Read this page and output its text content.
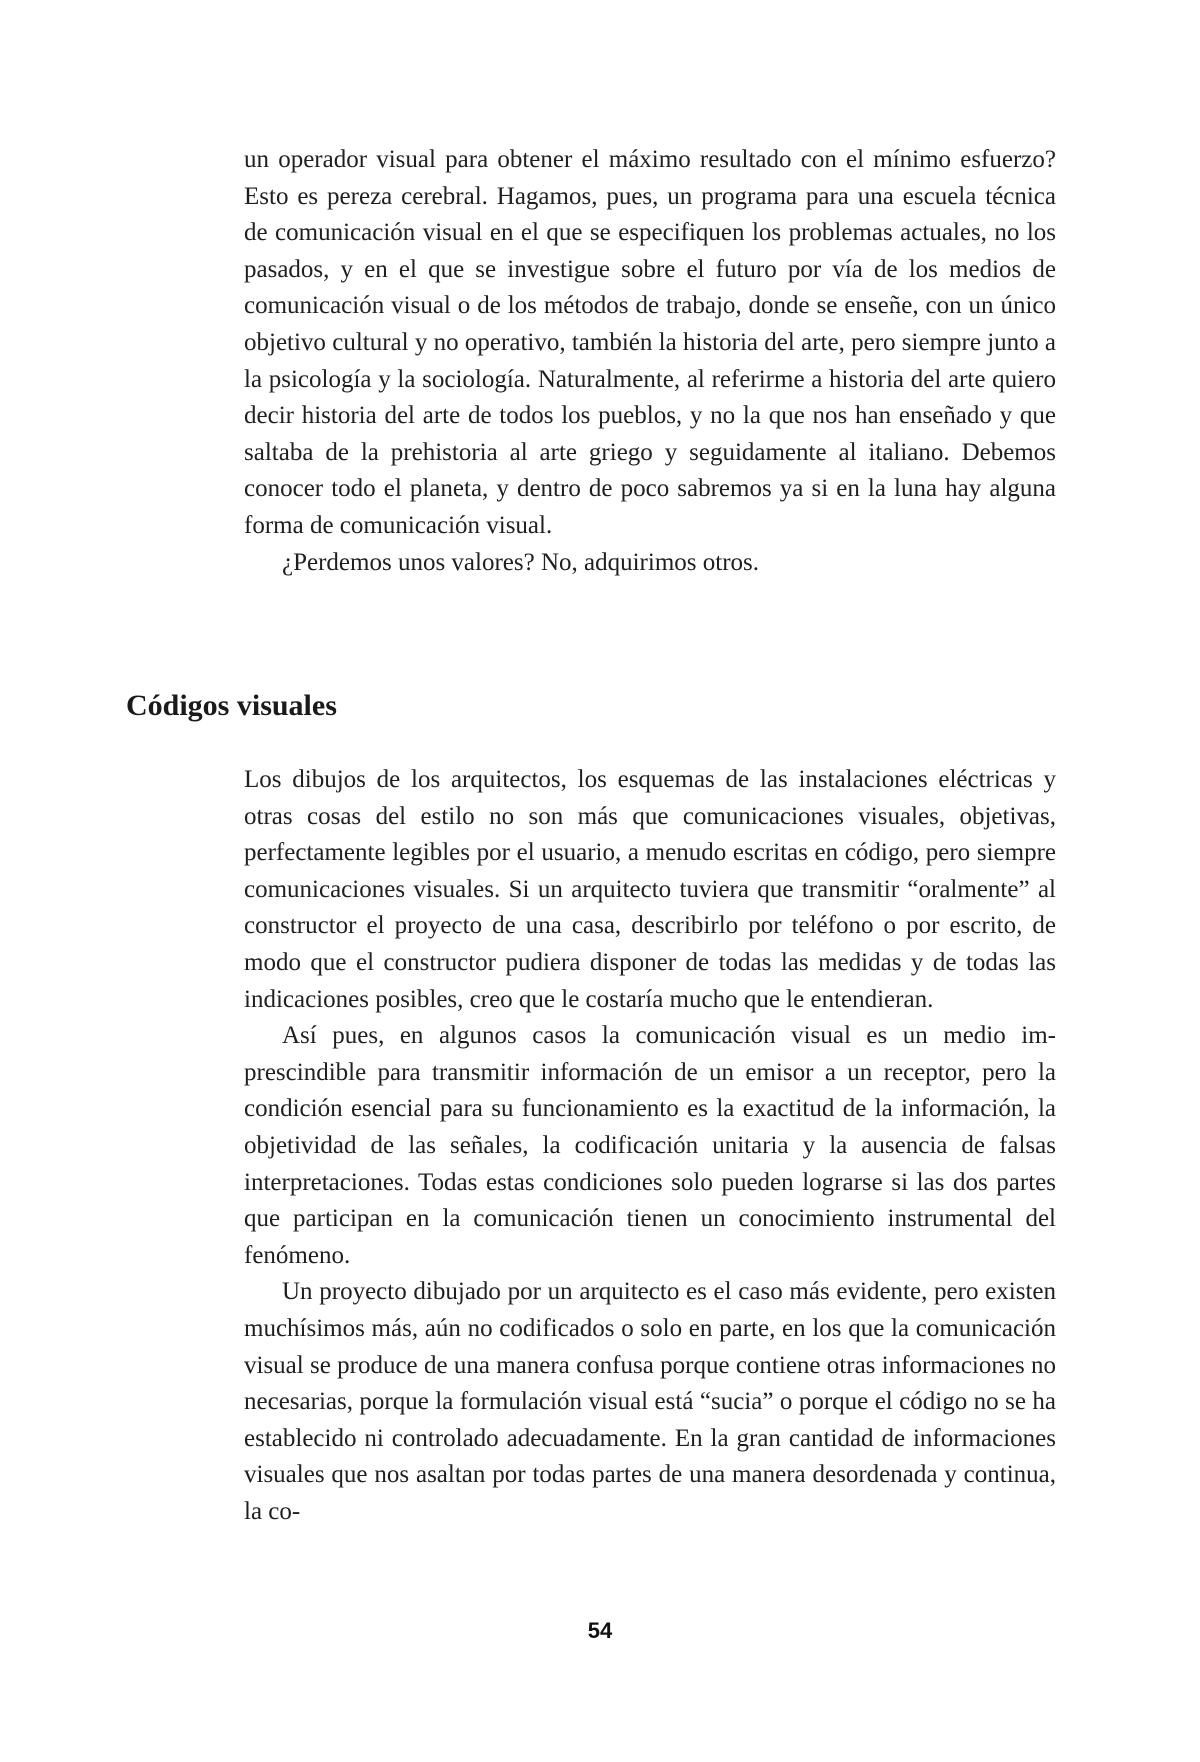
un operador visual para obtener el máximo resultado con el mínimo esfuerzo? Esto es pereza cerebral. Hagamos, pues, un programa para una escuela técnica de comunicación visual en el que se especifiquen los problemas actuales, no los pasados, y en el que se investigue sobre el futuro por vía de los medios de comunicación visual o de los métodos de trabajo, donde se enseñe, con un único objetivo cultural y no operativo, también la historia del arte, pero siempre junto a la psicología y la sociología. Naturalmente, al referirme a historia del arte quiero decir historia del arte de todos los pueblos, y no la que nos han enseñado y que saltaba de la prehistoria al arte griego y seguidamente al italiano. Debemos conocer todo el planeta, y dentro de poco sabremos ya si en la luna hay alguna forma de comunicación visual.

¿Perdemos unos valores? No, adquirimos otros.

Códigos visuales

Los dibujos de los arquitectos, los esquemas de las instalaciones eléctricas y otras cosas del estilo no son más que comunicaciones visuales, objetivas, perfectamente legibles por el usuario, a menudo escritas en código, pero siempre comunicaciones visuales. Si un arquitecto tuviera que transmitir “oralmente” al constructor el proyecto de una casa, describirlo por teléfono o por escrito, de modo que el constructor pudiera disponer de todas las medidas y de todas las indicaciones posibles, creo que le costaría mucho que le entendieran.

Así pues, en algunos casos la comunicación visual es un medio imprescindible para transmitir información de un emisor a un receptor, pero la condición esencial para su funcionamiento es la exactitud de la información, la objetividad de las señales, la codificación unitaria y la ausencia de falsas interpretaciones. Todas estas condiciones solo pueden lograrse si las dos partes que participan en la comunicación tienen un conocimiento instrumental del fenómeno.

Un proyecto dibujado por un arquitecto es el caso más evidente, pero existen muchísimos más, aún no codificados o solo en parte, en los que la comunicación visual se produce de una manera confusa porque contiene otras informaciones no necesarias, porque la formulación visual está “sucia” o porque el código no se ha establecido ni controlado adecuadamente. En la gran cantidad de informaciones visuales que nos asaltan por todas partes de una manera desordenada y continua, la co-

54
